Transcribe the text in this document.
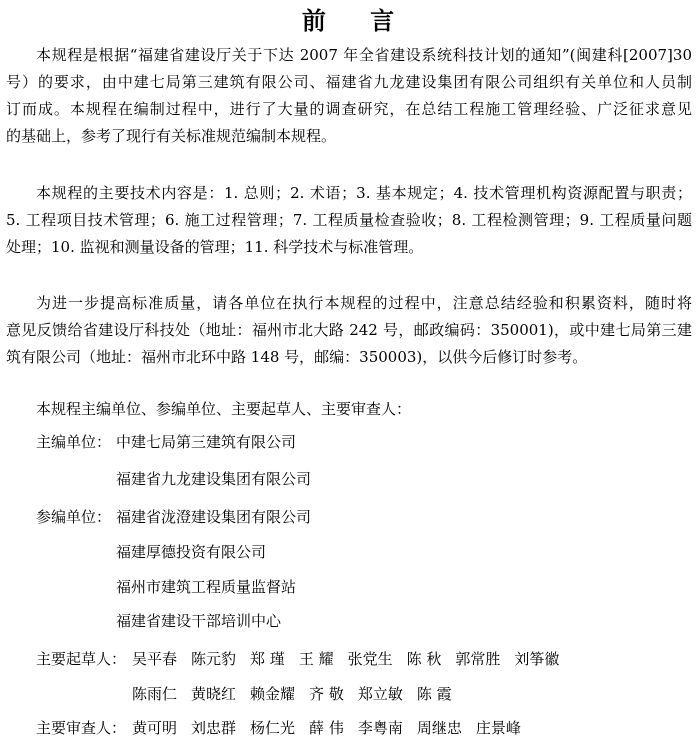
前 言
本规程是根据“福建省建设厅关于下达 2007 年全省建设系统科技计划的通知”(闽建科[2007]30
号）的要求，由中建七局第三建筑有限公司、福建省九龙建设集团有限公司组织有关单位和人员制
订而成。本规程在编制过程中，进行了大量的调查研究，在总结工程施工管理经验、广泛征求意见
的基础上，参考了现行有关标准规范编制本规程。
本规程的主要技术内容是：1. 总则；2. 术语；3. 基本规定；4. 技术管理机构资源配置与职责；
5. 工程项目技术管理；6. 施工过程管理；7. 工程质量检查验收；8. 工程检测管理；9. 工程质量问题
处理；10. 监视和测量设备的管理；11. 科学技术与标准管理。
为进一步提高标准质量，请各单位在执行本规程的过程中，注意总结经验和积累资料，随时将
意见反馈给省建设厅科技处（地址：福州市北大路 242 号，邮政编码：350001)，或中建七局第三建
筑有限公司（地址：福州市北环中路 148 号，邮编：350003)，以供今后修订时参考。
本规程主编单位、参编单位、主要起草人、主要审查人：
主编单位： 中建七局第三建筑有限公司
福建省九龙建设集团有限公司
参编单位： 福建省泷澄建设集团有限公司
福建厚德投资有限公司
福州市建筑工程质量监督站
福建省建设干部培训中心
主要起草人： 吴平春 陈元豹 郑 瑾 王 耀 张党生 陈 秋 郭常胜 刘筝徽
陈雨仁 黄晓红 赖金耀 齐 敬 郑立敏 陈 霞
主要审查人： 黄可明 刘忠群 杨仁光 薛 伟 李粤南 周继忠 庄景峰
